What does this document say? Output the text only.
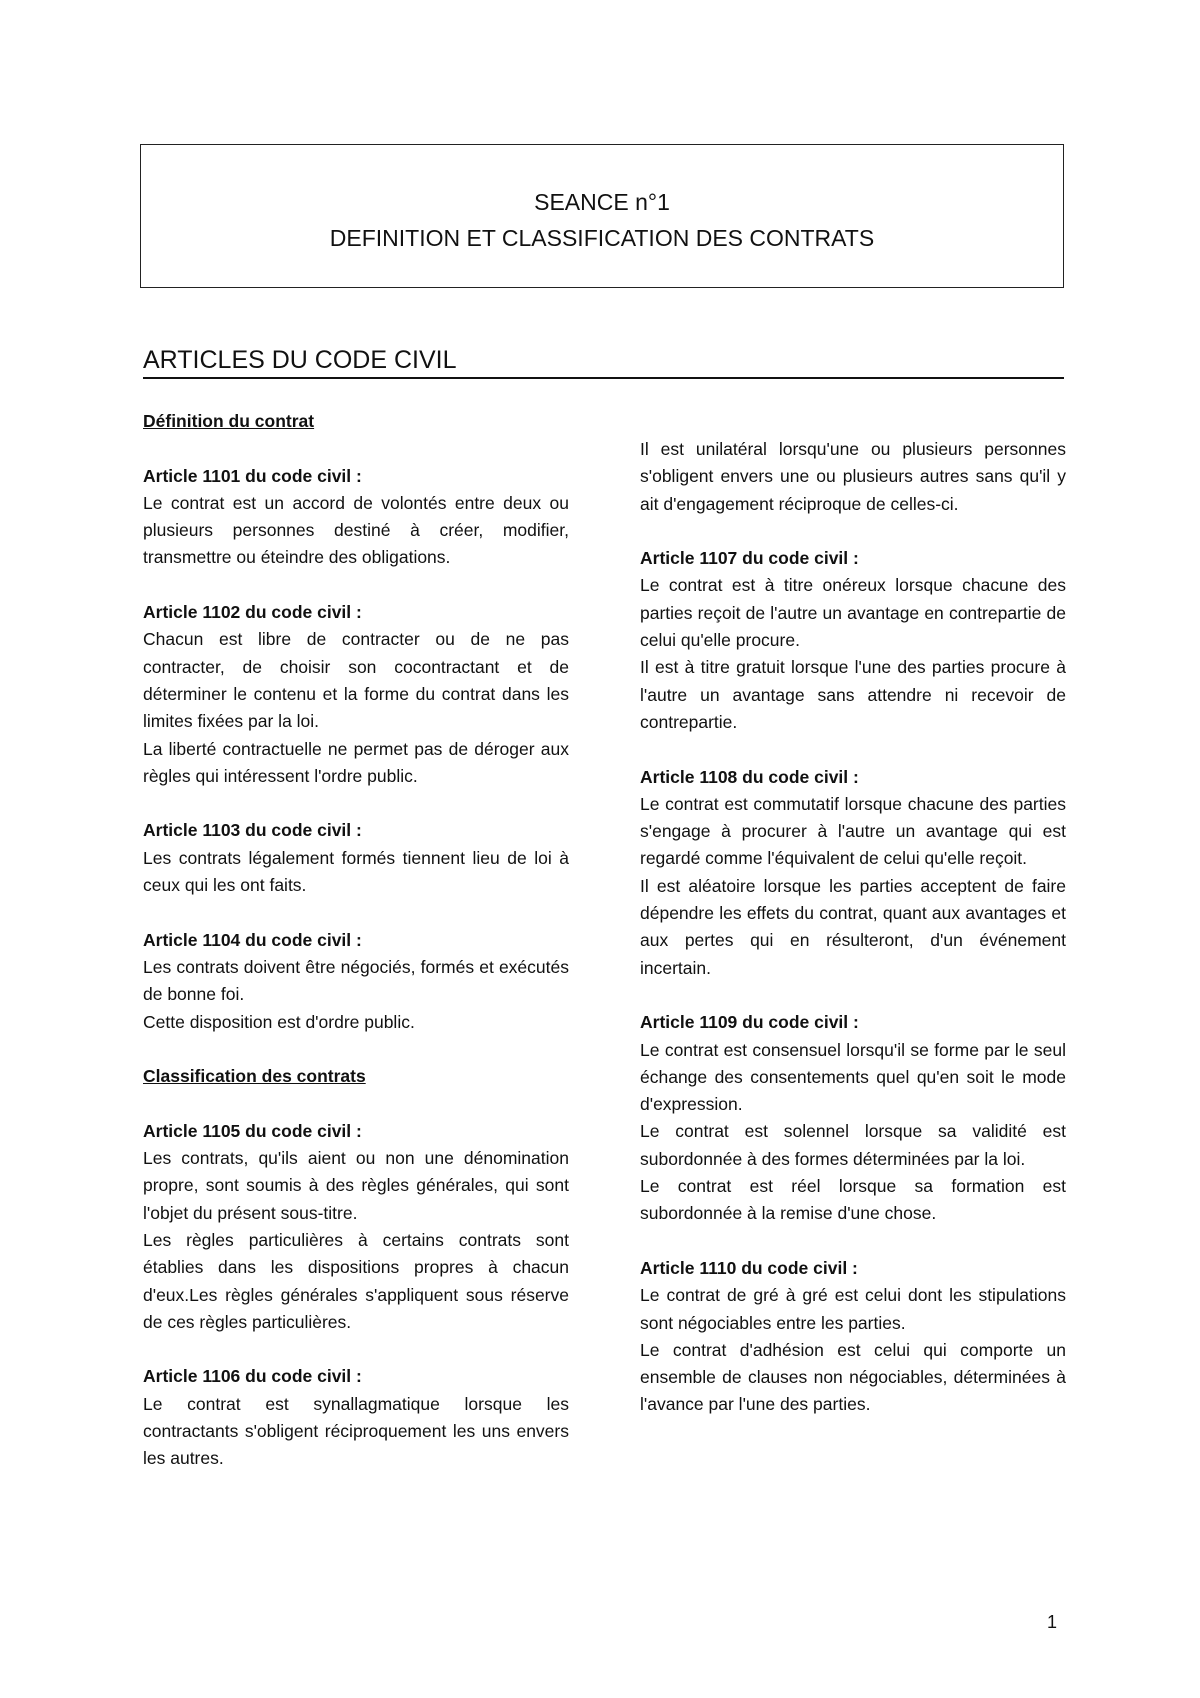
SEANCE n°1
DEFINITION ET CLASSIFICATION DES CONTRATS
ARTICLES DU CODE CIVIL
Définition du contrat
Article 1101 du code civil :
Le contrat est un accord de volontés entre deux ou plusieurs personnes destiné à créer, modifier, transmettre ou éteindre des obligations.
Article 1102 du code civil :
Chacun est libre de contracter ou de ne pas contracter, de choisir son cocontractant et de déterminer le contenu et la forme du contrat dans les limites fixées par la loi.
La liberté contractuelle ne permet pas de déroger aux règles qui intéressent l'ordre public.
Article 1103 du code civil :
Les contrats légalement formés tiennent lieu de loi à ceux qui les ont faits.
Article 1104 du code civil :
Les contrats doivent être négociés, formés et exécutés de bonne foi.
Cette disposition est d'ordre public.
Classification des contrats
Article 1105 du code civil :
Les contrats, qu'ils aient ou non une dénomination propre, sont soumis à des règles générales, qui sont l'objet du présent sous-titre.
Les règles particulières à certains contrats sont établies dans les dispositions propres à chacun d'eux.Les règles générales s'appliquent sous réserve de ces règles particulières.
Article 1106 du code civil :
Le contrat est synallagmatique lorsque les contractants s'obligent réciproquement les uns envers les autres.
Il est unilatéral lorsqu'une ou plusieurs personnes s'obligent envers une ou plusieurs autres sans qu'il y ait d'engagement réciproque de celles-ci.
Article 1107 du code civil :
Le contrat est à titre onéreux lorsque chacune des parties reçoit de l'autre un avantage en contrepartie de celui qu'elle procure.
Il est à titre gratuit lorsque l'une des parties procure à l'autre un avantage sans attendre ni recevoir de contrepartie.
Article 1108 du code civil :
Le contrat est commutatif lorsque chacune des parties s'engage à procurer à l'autre un avantage qui est regardé comme l'équivalent de celui qu'elle reçoit.
Il est aléatoire lorsque les parties acceptent de faire dépendre les effets du contrat, quant aux avantages et aux pertes qui en résulteront, d'un événement incertain.
Article 1109 du code civil :
Le contrat est consensuel lorsqu'il se forme par le seul échange des consentements quel qu'en soit le mode d'expression.
Le contrat est solennel lorsque sa validité est subordonnée à des formes déterminées par la loi.
Le contrat est réel lorsque sa formation est subordonnée à la remise d'une chose.
Article 1110 du code civil :
Le contrat de gré à gré est celui dont les stipulations sont négociables entre les parties.
Le contrat d'adhésion est celui qui comporte un ensemble de clauses non négociables, déterminées à l'avance par l'une des parties.
1
